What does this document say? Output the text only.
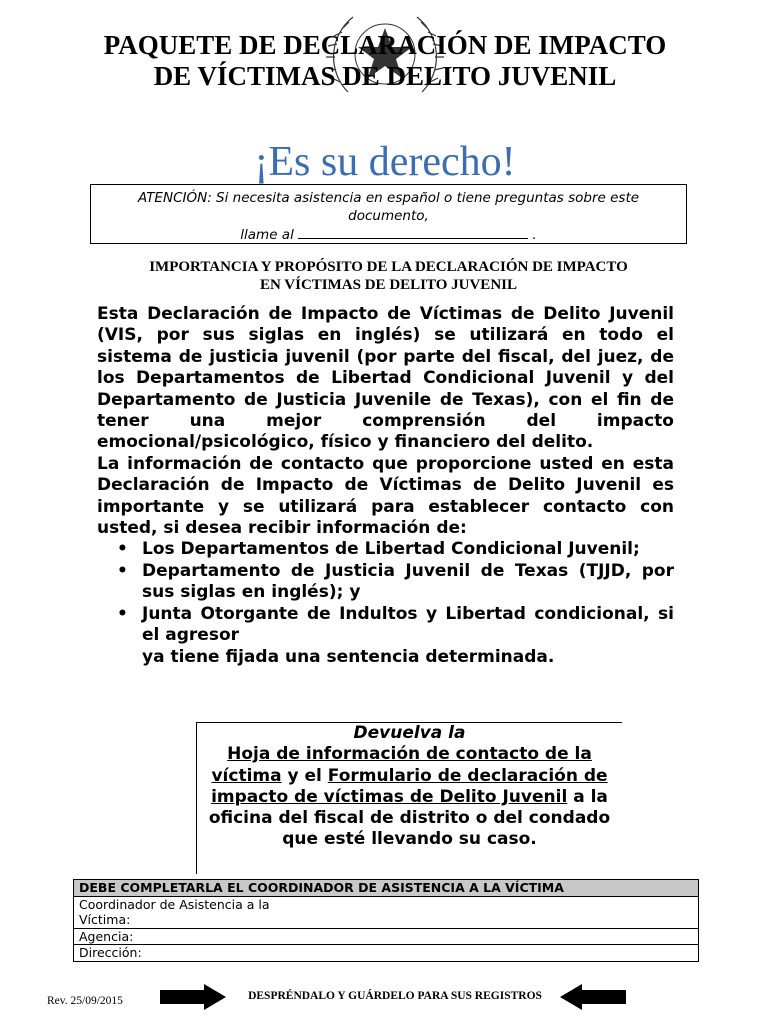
PAQUETE DE DECLARACIÓN DE IMPACTO
DE VÍCTIMAS DE DELITO JUVENIL
¡Es su derecho!
ATENCIÓN: Si necesita asistencia en español o tiene preguntas sobre este
documento,
llame al	.
IMPORTANCIA Y PROPÓSITO DE LA DECLARACIÓN DE IMPACTO
EN VÍCTIMAS DE DELITO JUVENIL

Esta Declaración de Impacto de Víctimas de Delito Juvenil (VIS, por sus siglas en inglés) se utilizará en todo el sistema de justicia juvenil (por parte del fiscal, del juez, de los Departamentos de Libertad Condicional Juvenil y del Departamento de Justicia Juvenile de Texas), con el fin de tener una mejor comprensión del impacto emocional/psicológico, físico y financiero del delito.

La información de contacto que proporcione usted en esta Declaración de Impacto de Víctimas de Delito Juvenil es importante y se utilizará para establecer contacto con usted, si desea recibir información de:

• Los Departamentos de Libertad Condicional Juvenil;
• Departamento de Justicia Juvenil de Texas (TJJD, por sus siglas en inglés); y
• Junta Otorgante de Indultos y Libertad condicional, si el agresor
ya tiene fijada una sentencia determinada.
Devuelva la
Hoja de información de contacto de la víctima y el Formulario de declaración de impacto de víctimas de Delito Juvenil a la oficina del fiscal de distrito o del condado que esté llevando su caso.
DEBE COMPLETARLA EL COORDINADOR DE ASISTENCIA A LA VÍCTIMA

Coordinador de Asistencia a la
Víctima:

Agencia:
Dirección:
Rev. 25/09/2015	DESPRÉNDALO Y GUÁRDELO PARA SUS REGISTROS
